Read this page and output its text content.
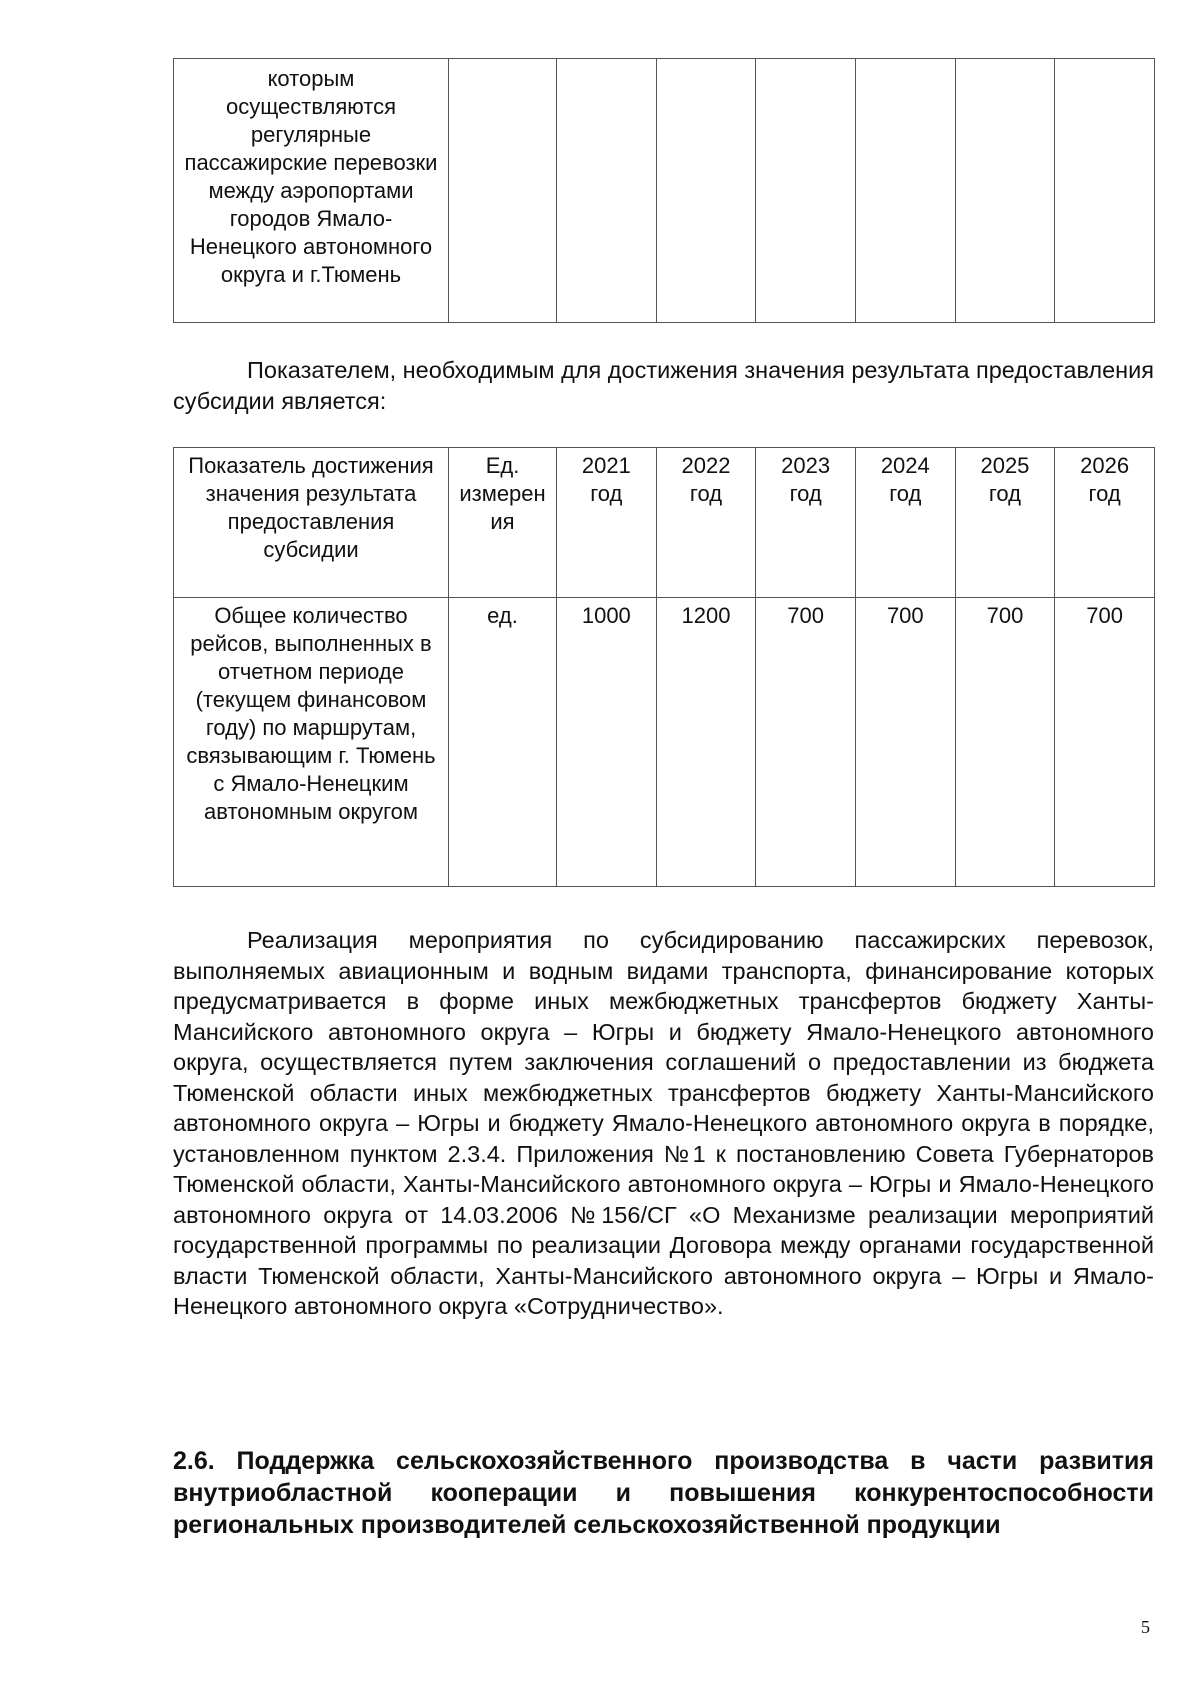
которым осуществляются регулярные пассажирские перевозки между аэропортами городов Ямало-Ненецкого автономного округа и г.Тюмень							

Показателем, необходимым для достижения значения результата предоставления субсидии является:

Показатель достижения значения результата предоставления субсидии	Ед. измерен ия	2021 год	2022 год	2023 год	2024 год	2025 год	2026 год
Общее количество рейсов, выполненных в отчетном периоде (текущем финансовом году) по маршрутам, связывающим г. Тюмень с Ямало-Ненецким автономным округом	ед.	1000	1200	700	700	700	700

Реализация мероприятия по субсидированию пассажирских перевозок, выполняемых авиационным и водным видами транспорта, финансирование которых предусматривается в форме иных межбюджетных трансфертов бюджету Ханты-Мансийского автономного округа – Югры и бюджету Ямало-Ненецкого автономного округа, осуществляется путем заключения соглашений о предоставлении из бюджета Тюменской области иных межбюджетных трансфертов бюджету Ханты-Мансийского автономного округа – Югры и бюджету Ямало-Ненецкого автономного округа в порядке, установленном пунктом 2.3.4. Приложения №1 к постановлению Совета Губернаторов Тюменской области, Ханты-Мансийского автономного округа – Югры и Ямало-Ненецкого автономного округа от 14.03.2006 №156/СГ «О Механизме реализации мероприятий государственной программы по реализации Договора между органами государственной власти Тюменской области, Ханты-Мансийского автономного округа – Югры и Ямало-Ненецкого автономного округа «Сотрудничество».

2.6. Поддержка сельскохозяйственного производства в части развития внутриобластной кооперации и повышения конкурентоспособности региональных производителей сельскохозяйственной продукции
5
